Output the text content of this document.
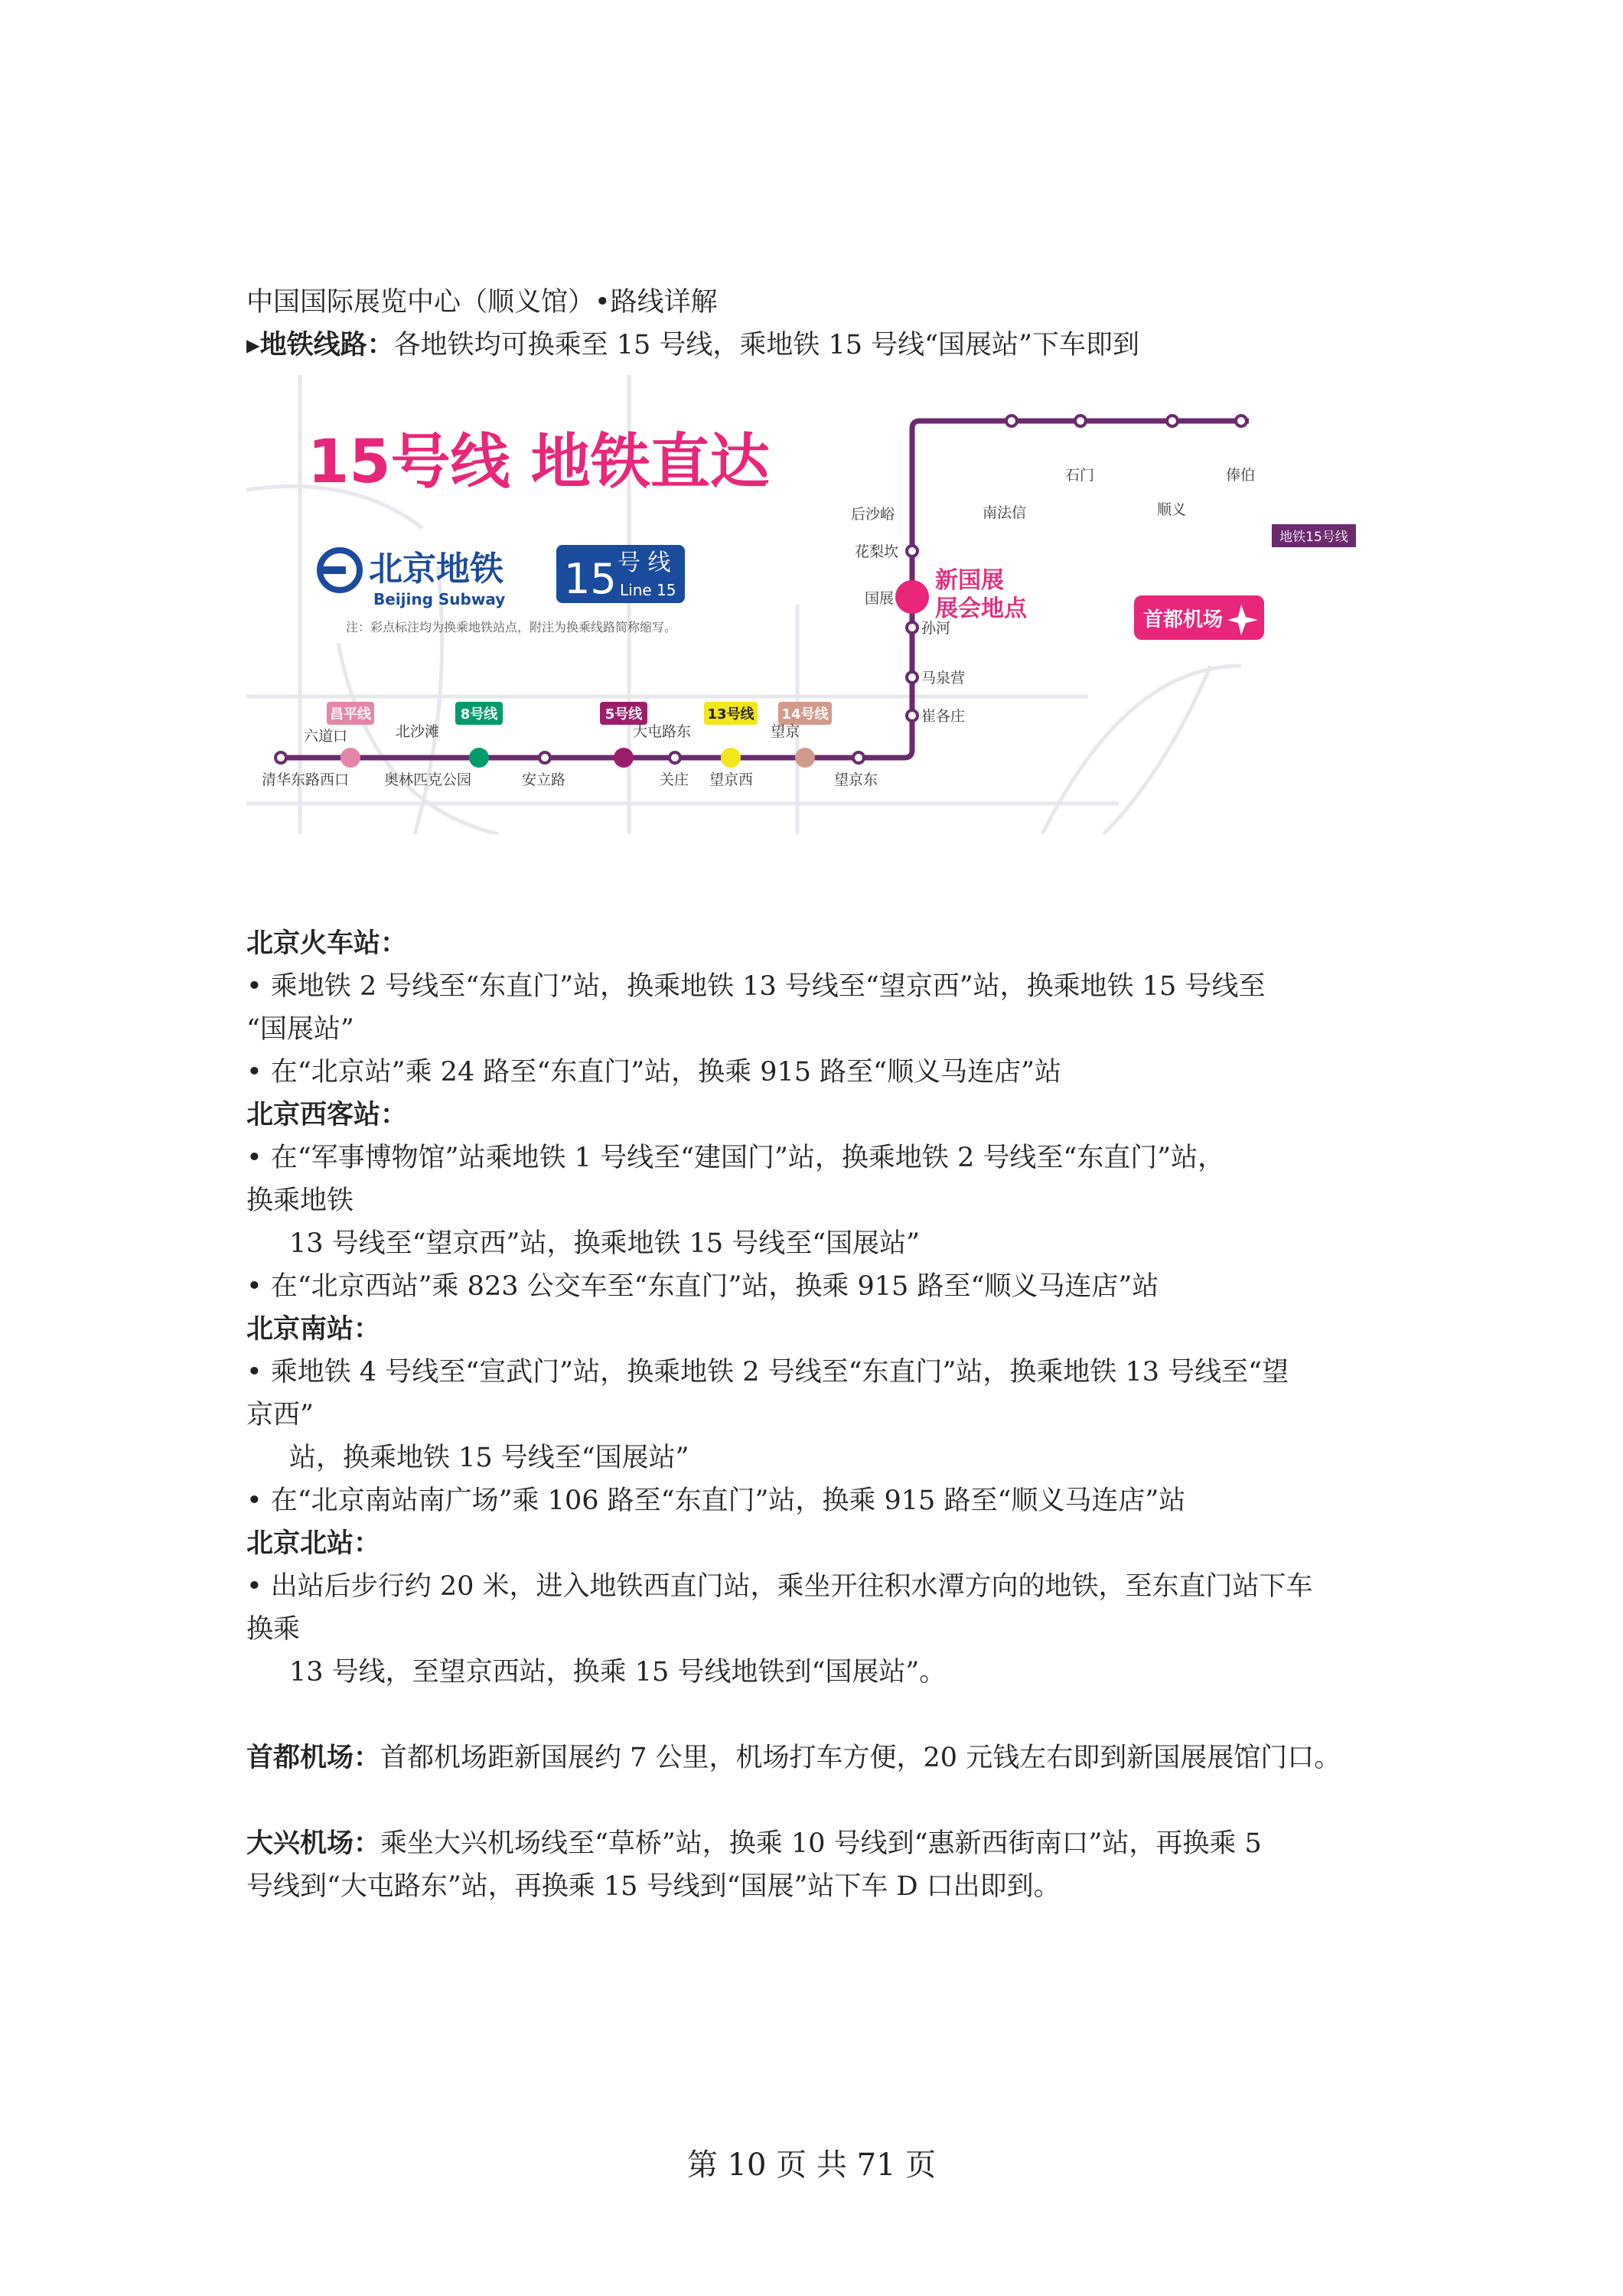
中国国际展览中心（顺义馆）•路线详解
▸地铁线路：各地铁均可换乘至 15 号线，乘地铁 15 号线“国展站”下车即到
15号线 地铁直达
北京地铁
Beijing Subway 15 号 线
Line 15
注：彩点标注均为换乘地铁站点，附注为换乘线路简称缩写。
昌平线	8号线	5号线	13号线 14号线
清华东路西口
六道口	北沙滩
奥林匹克公园	安立路
大屯路东
关庄 望京西
望京
望京东
崔各庄
马泉营
孙河
国展
花梨坎
后沙峪	南法信
石门
顺义
俸伯
新国展
展会地点	首都机场
地铁15号线
北京火车站：
• 乘地铁 2 号线至“东直门”站，换乘地铁 13 号线至“望京西”站，换乘地铁 15 号线至
“国展站”
• 在“北京站”乘 24 路至“东直门”站，换乘 915 路至“顺义马连店”站
北京西客站：
• 在“军事博物馆”站乘地铁 1 号线至“建国门”站，换乘地铁 2 号线至“东直门”站，
换乘地铁
13 号线至“望京西”站，换乘地铁 15 号线至“国展站”
• 在“北京西站”乘 823 公交车至“东直门”站，换乘 915 路至“顺义马连店”站
北京南站：
• 乘地铁 4 号线至“宣武门”站，换乘地铁 2 号线至“东直门”站，换乘地铁 13 号线至“望
京西”
站，换乘地铁 15 号线至“国展站”
• 在“北京南站南广场”乘 106 路至“东直门”站，换乘 915 路至“顺义马连店”站
北京北站：
• 出站后步行约 20 米，进入地铁西直门站，乘坐开往积水潭方向的地铁，至东直门站下车
换乘
13 号线，至望京西站，换乘 15 号线地铁到“国展站”。
首都机场：首都机场距新国展约 7 公里，机场打车方便，20 元钱左右即到新国展展馆门口。
大兴机场：乘坐大兴机场线至“草桥”站，换乘 10 号线到“惠新西街南口”站，再换乘 5
号线到“大屯路东”站，再换乘 15 号线到“国展”站下车 D 口出即到。
第 10 页 共 71 页
